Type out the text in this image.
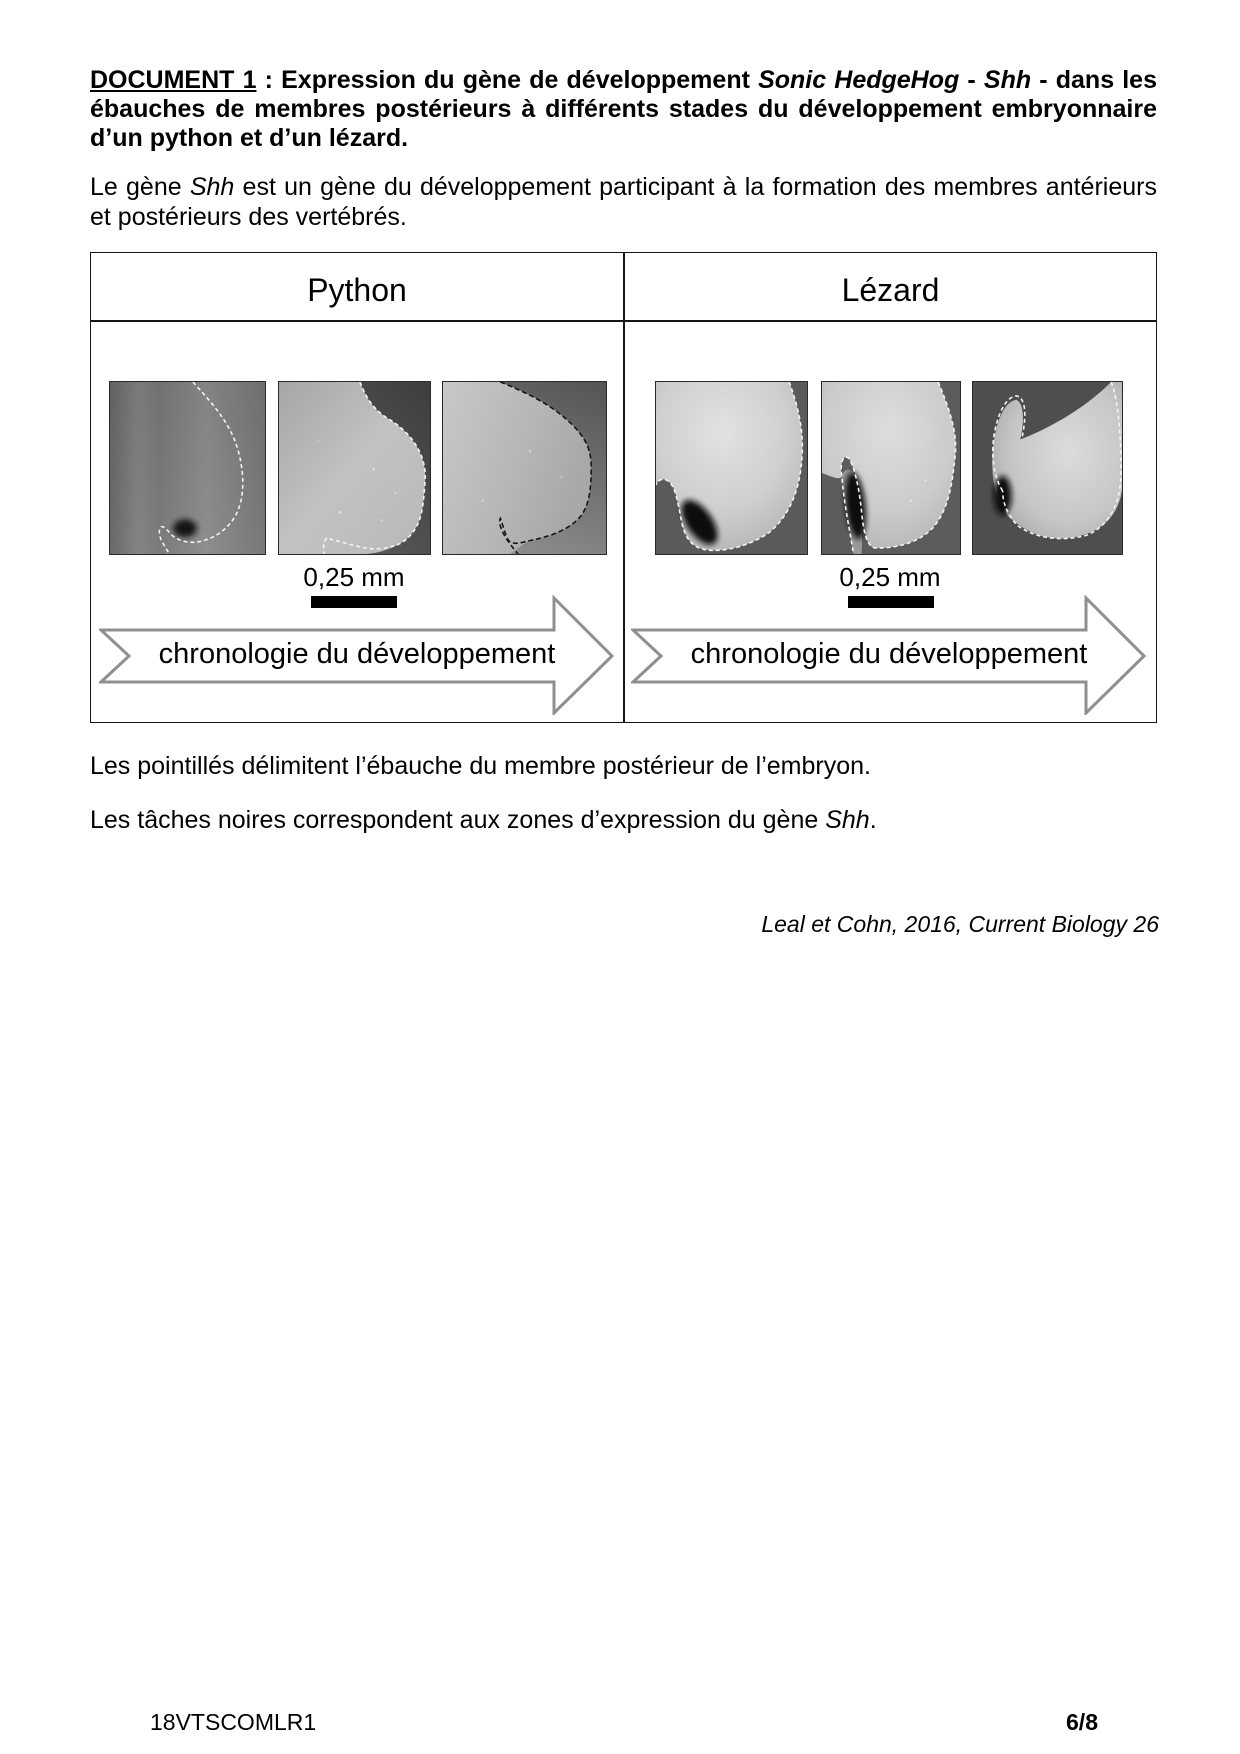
DOCUMENT 1 : Expression du gène de développement Sonic HedgeHog - Shh - dans les ébauches de membres postérieurs à différents stades du développement embryonnaire d’un python et d’un lézard.
Le gène Shh est un gène du développement participant à la formation des membres antérieurs et postérieurs des vertébrés.
Python
0,25 mm
chronologie du développement
Lézard
0,25 mm
chronologie du développement
Les pointillés délimitent l’ébauche du membre postérieur de l’embryon.
Les tâches noires correspondent aux zones d’expression du gène Shh.
Leal et Cohn, 2016, Current Biology 26
18VTSCOMLR1	6/8
